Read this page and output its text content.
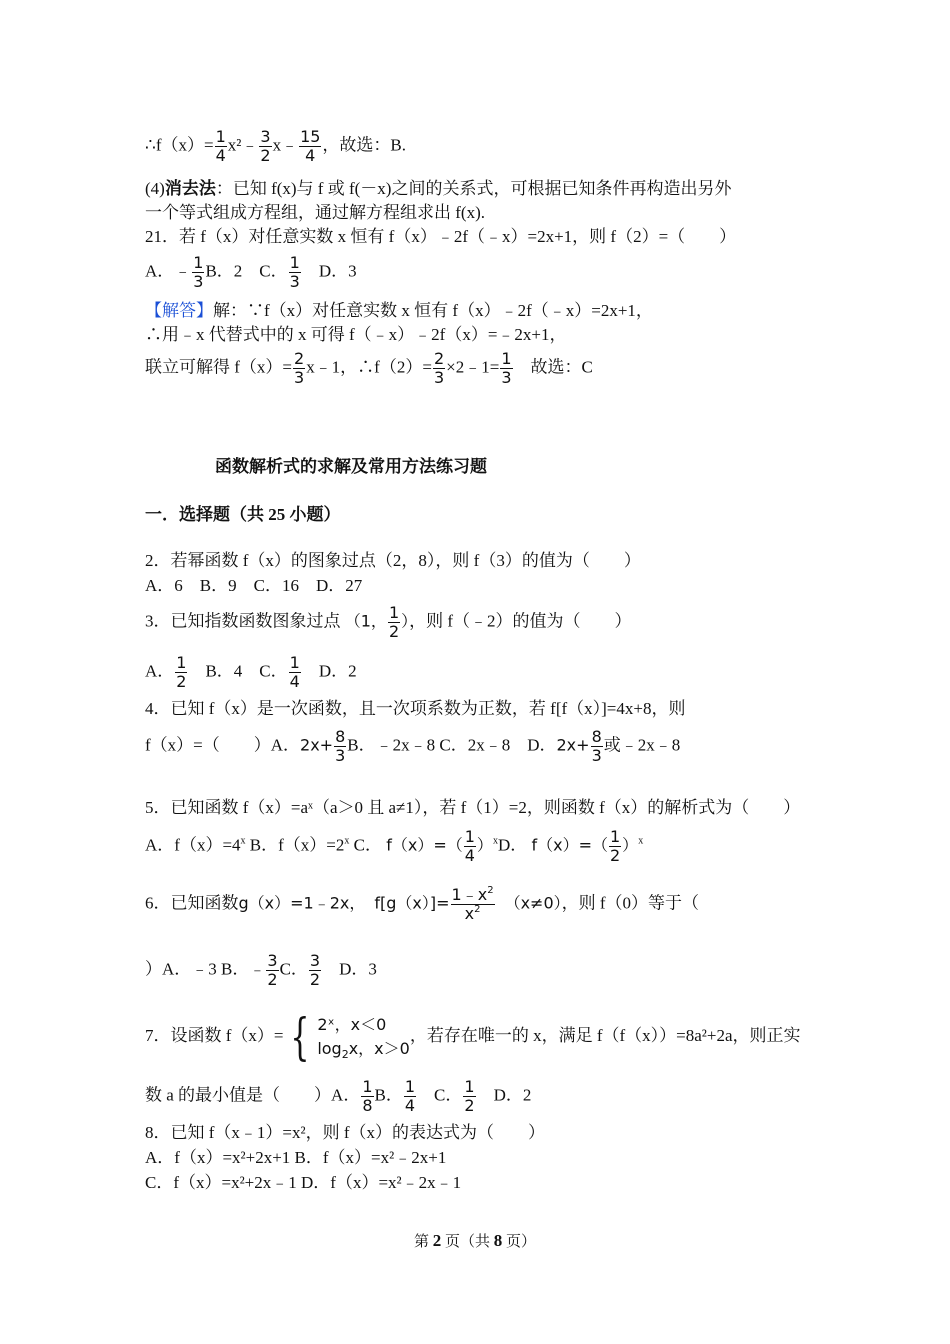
∴f（x）= $\frac{1}{4}$ x²﹣ $\frac{3}{2}$ x﹣ $\frac{15}{4}$ ，故选：B.
(4)消去法：已知 f(x)与 f 或 f(－x)之间的关系式，可根据已知条件再构造出另外
一个等式组成方程组，通过解方程组求出 f(x).
21．若 f（x）对任意实数 x 恒有 f（x）﹣2f（﹣x）=2x+1，则 f（2）=（　　）
A．﹣ $\frac{1}{3}$ B．2　C． $\frac{1}{3}$
　 D．3
【解答】解：∵f（x）对任意实数 x 恒有 f（x）﹣2f（﹣x）=2x+1，
∴用﹣x 代替式中的 x 可得 f（﹣x）﹣2f（x）=﹣2x+1，
联立可解得 $f(x)= \frac{2}{3}$ x﹣1，∴f（2）= $\frac{2}{3}$ ×2﹣1= $\frac{1}{3}$ 　故选：C
函数解析式的求解及常用方法练习题
一．选择题（共 25 小题）
2．若幂函数 f（x）的图象过点（2，8），则 f（3）的值为（　　）
A．6　B．9　C．16　D．27
3．已知指数函数图象过点 （1， $\frac{1}{2}$ ），则 f（﹣2）的值为（　　）
A． $\frac{1}{2}$
　 B．4　C． $\frac{1}{4}$
　 D．2
4．已知 f（x）是一次函数，且一次项系数为正数，若 f[f（x）]=4x+8，则
f（x）=（　　）A．$2x+ \frac{8}{3}$ B．﹣2x﹣8 C．2x﹣8　D．$2x+ \frac{8}{3}$ 或﹣2x﹣8
5．已知函数 f（x）=aˣ（a＞0 且 a≠1），若 f（1）=2，则函数 f（x）的解析式为（　　）
A．$f(x)=4^x$ B．$f(x)=2^x$ C． $f(x)=( \frac{1}{4} )^xD$． $f(x)=( \frac{1}{2} )^x$
6．已知函数g（x）=1﹣2x，　 $f[g(x)]= \frac{1﹣x^2}{x^2}$
　 （x≠0），则 f（0）等于（
）A．﹣3 B．﹣ $\frac{3}{2}$ C． $\frac{3}{2}$
　 D．3
7．设函数 f（x）= { 2ˣ，x＜0
$\log_2x$，x＞0
，若存在唯一的 x，满足 f（f（x））=8a²+2a，则正实
数 a 的最小值是（　　）A． $\frac{1}{8}$ B． $\frac{1}{4}$
　 C． $\frac{1}{2}$
　 D．2
8．已知 f（x﹣1）=x²，则 f（x）的表达式为（　　）
A．f（x）=x²+2x+1 B．f（x）=x²﹣2x+1
C．f（x）=x²+2x﹣1 D．f（x）=x²﹣2x﹣1
第 2 页（共 8 页）
